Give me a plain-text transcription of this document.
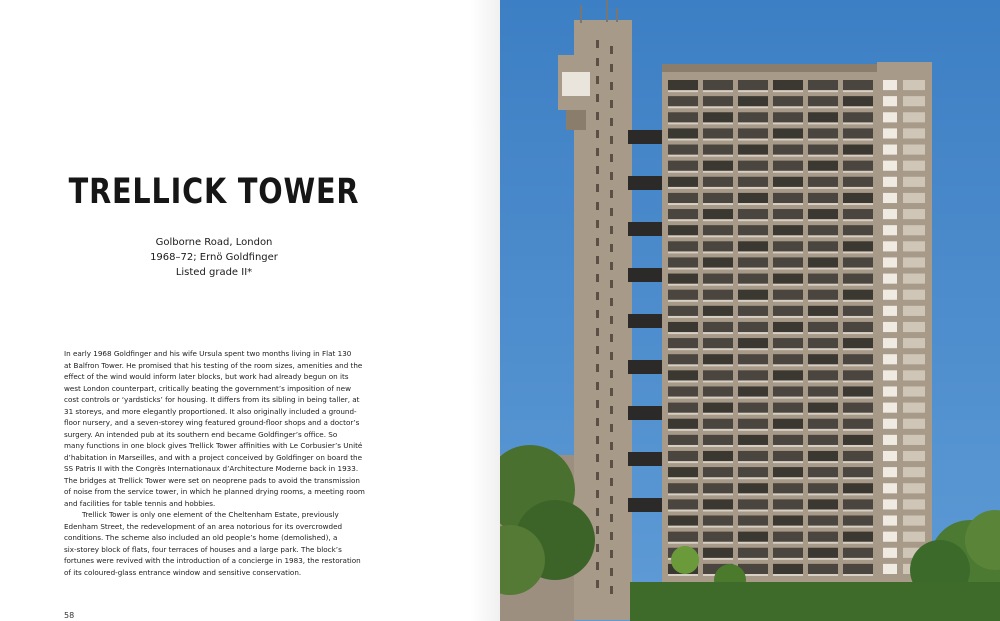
TRELLICK TOWER
Golborne Road, London
1968–72; Ernö Goldfinger
Listed grade II*
In early 1968 Goldfinger and his wife Ursula spent two months living in Flat 130
at Balfron Tower. He promised that his testing of the room sizes, amenities and the
effect of the wind would inform later blocks, but work had already begun on its
west London counterpart, critically beating the government’s imposition of new
cost controls or ‘yardsticks’ for housing. It differs from its sibling in being taller, at
31 storeys, and more elegantly proportioned. It also originally included a ground-
floor nursery, and a seven-storey wing featured ground-floor shops and a doctor’s
surgery. An intended pub at its southern end became Goldfinger’s office. So
many functions in one block gives Trellick Tower affinities with Le Corbusier’s Unité
d’habitation in Marseilles, and with a project conceived by Goldfinger on board the
SS Patris II with the Congrès Internationaux d’Architecture Moderne back in 1933.
The bridges at Trellick Tower were set on neoprene pads to avoid the transmission
of noise from the service tower, in which he planned drying rooms, a meeting room
and facilities for table tennis and hobbies.
Trellick Tower is only one element of the Cheltenham Estate, previously
Edenham Street, the redevelopment of an area notorious for its overcrowded
conditions. The scheme also included an old people’s home (demolished), a
six-storey block of flats, four terraces of houses and a large park. The block’s
fortunes were revived with the introduction of a concierge in 1983, the restoration
of its coloured-glass entrance window and sensitive conservation.
58
